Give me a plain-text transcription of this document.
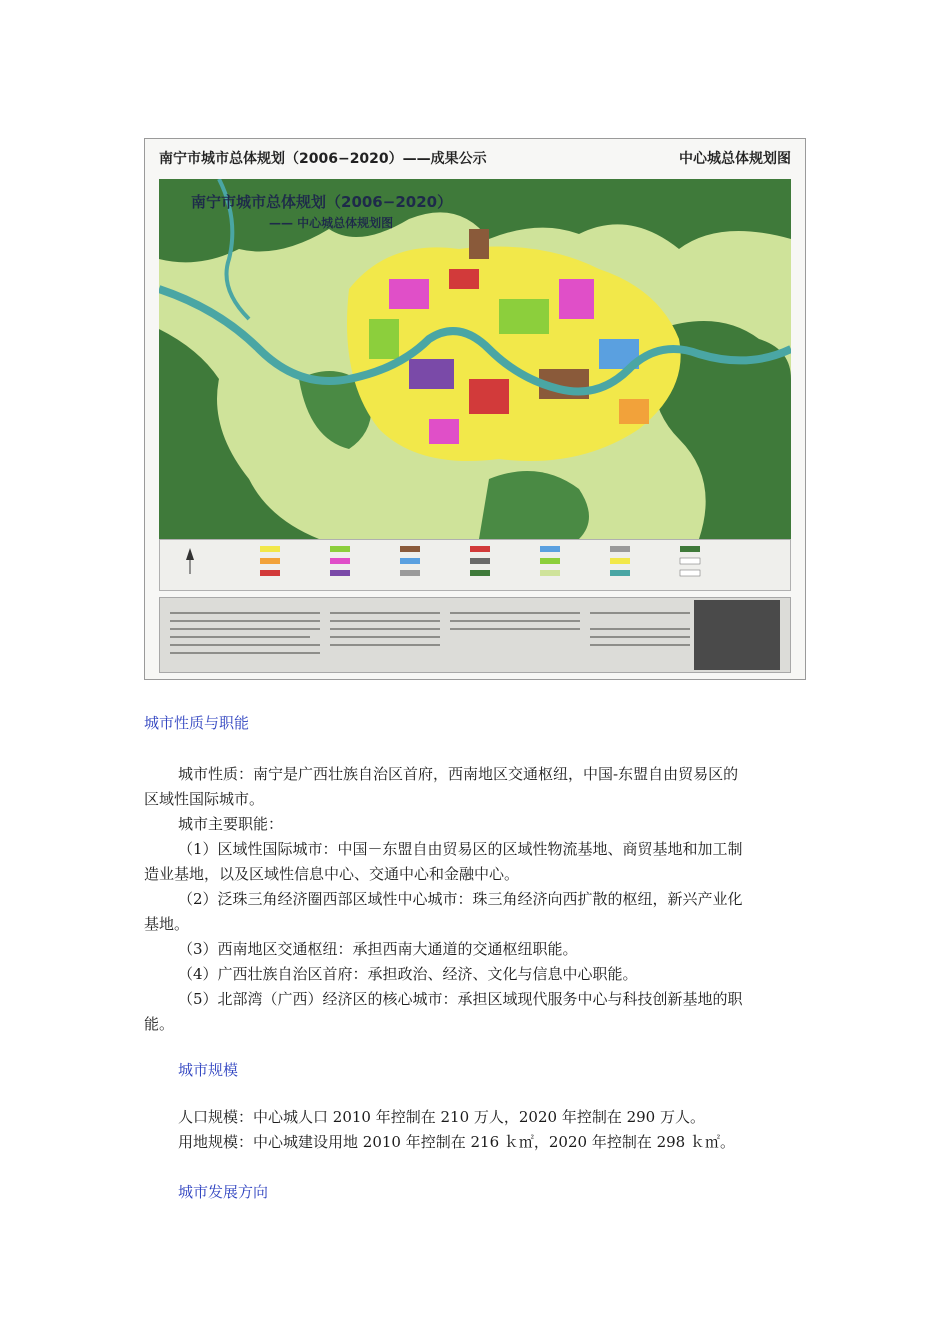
南宁市城市总体规划（2006−2020）——成果公示	中心城总体规划图
南宁市城市总体规划（2006−2020）
—— 中心城总体规划图
城市性质与职能
城市性质：南宁是广西壮族自治区首府，西南地区交通枢纽，中国-东盟自由贸易区的
区域性国际城市。
城市主要职能：
（1）区域性国际城市：中国－东盟自由贸易区的区域性物流基地、商贸基地和加工制
造业基地，以及区域性信息中心、交通中心和金融中心。
（2）泛珠三角经济圈西部区域性中心城市：珠三角经济向西扩散的枢纽，新兴产业化
基地。
（3）西南地区交通枢纽：承担西南大通道的交通枢纽职能。
（4）广西壮族自治区首府：承担政治、经济、文化与信息中心职能。
（5）北部湾（广西）经济区的核心城市：承担区域现代服务中心与科技创新基地的职
能。
城市规模
人口规模：中心城人口 2010 年控制在 210 万人，2020 年控制在 290 万人。
用地规模：中心城建设用地 2010 年控制在 216 ｋ㎡，2020 年控制在 298 ｋ㎡。
城市发展方向
